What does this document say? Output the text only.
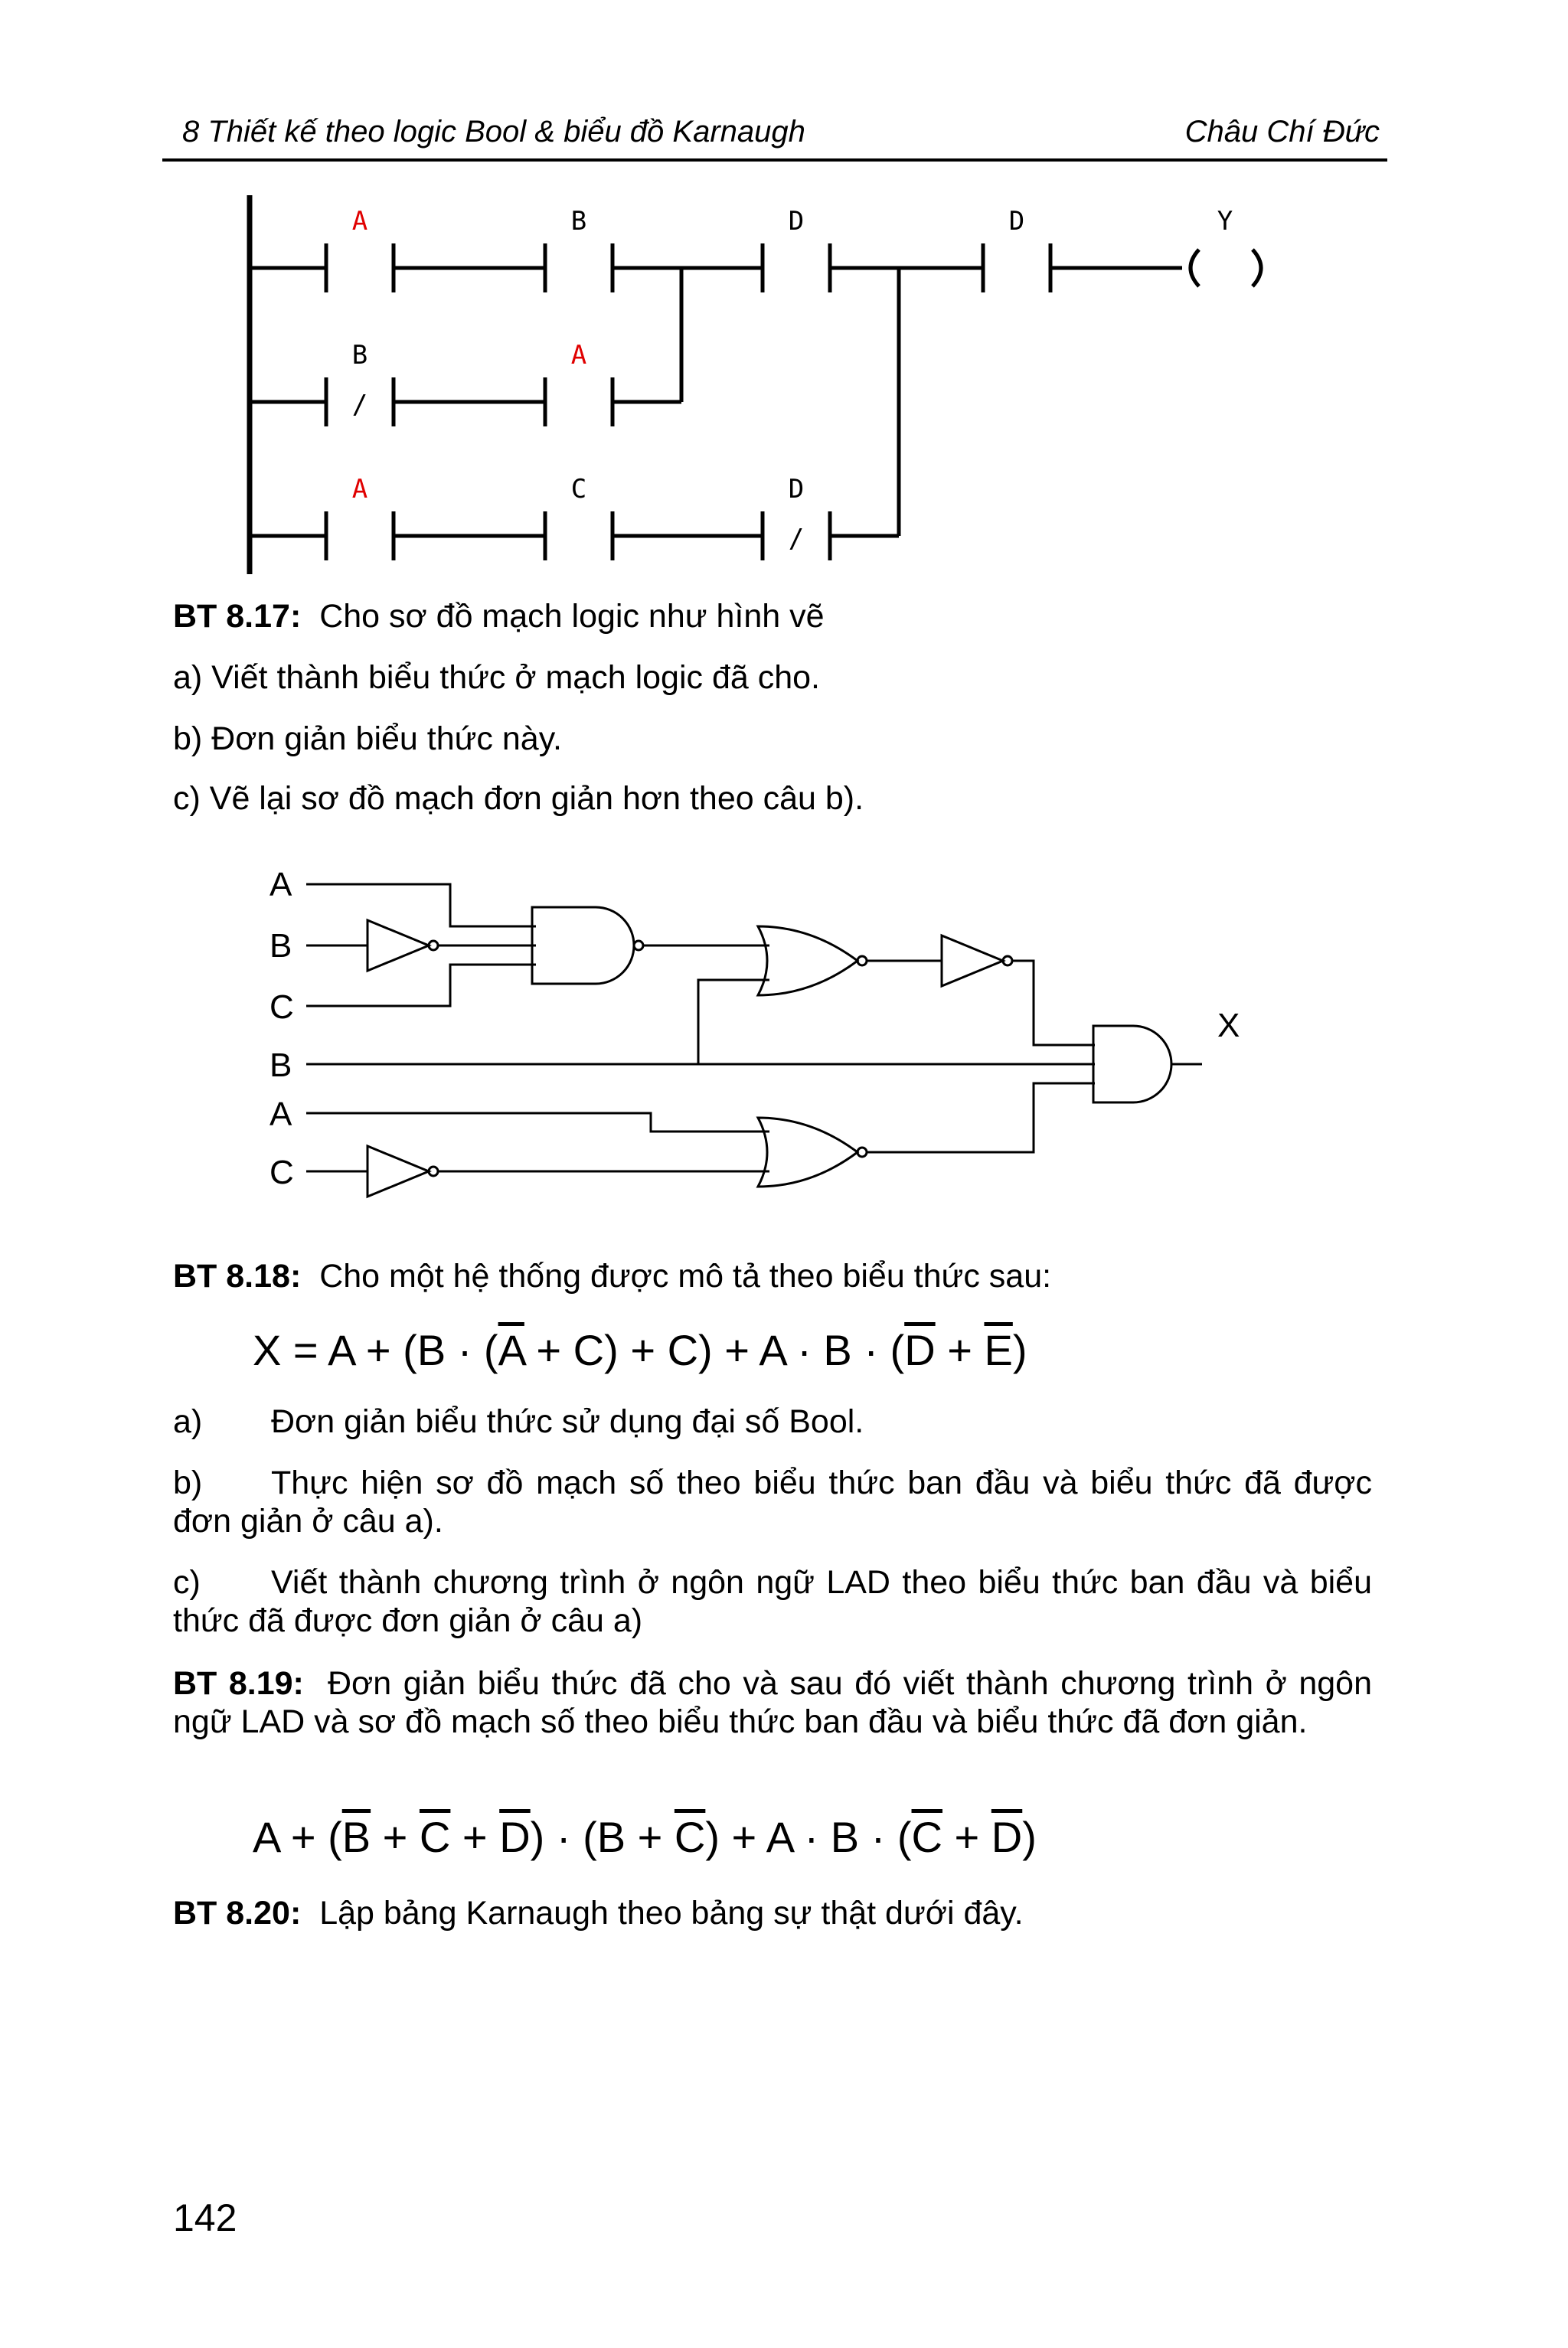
8 Thiết kế theo logic Bool & biểu đồ Karnaugh	Châu Chí Đức
A	B	D	D	Y
B
/
A
A	C	D
/
BT 8.17: Cho sơ đồ mạch logic như hình vẽ
a) Viết thành biểu thức ở mạch logic đã cho.
b) Đơn giản biểu thức này.
c) Vẽ lại sơ đồ mạch đơn giản hơn theo câu b).
A
B
C
B
A
C
X
BT 8.18: Cho một hệ thống được mô tả theo biểu thức sau:
$X = A + (B \cdot (\overline{A} + C) + C) + A \cdot B \cdot (\overline{D} + \overline{E})$
a) Đơn giản biểu thức sử dụng đại số Bool.
b) Thực hiện sơ đồ mạch số theo biểu thức ban đầu và biểu thức đã được đơn giản ở câu a).
c) Viết thành chương trình ở ngôn ngữ LAD theo biểu thức ban đầu và biểu thức đã được đơn giản ở câu a)
BT 8.19: Đơn giản biểu thức đã cho và sau đó viết thành chương trình ở ngôn ngữ LAD và sơ đồ mạch số theo biểu thức ban đầu và biểu thức đã đơn giản.
$A + (\overline{B} + \overline{C} + \overline{D}) \cdot (B + \overline{C}) + A \cdot B \cdot (\overline{C} + \overline{D})$
BT 8.20: Lập bảng Karnaugh theo bảng sự thật dưới đây.
142
